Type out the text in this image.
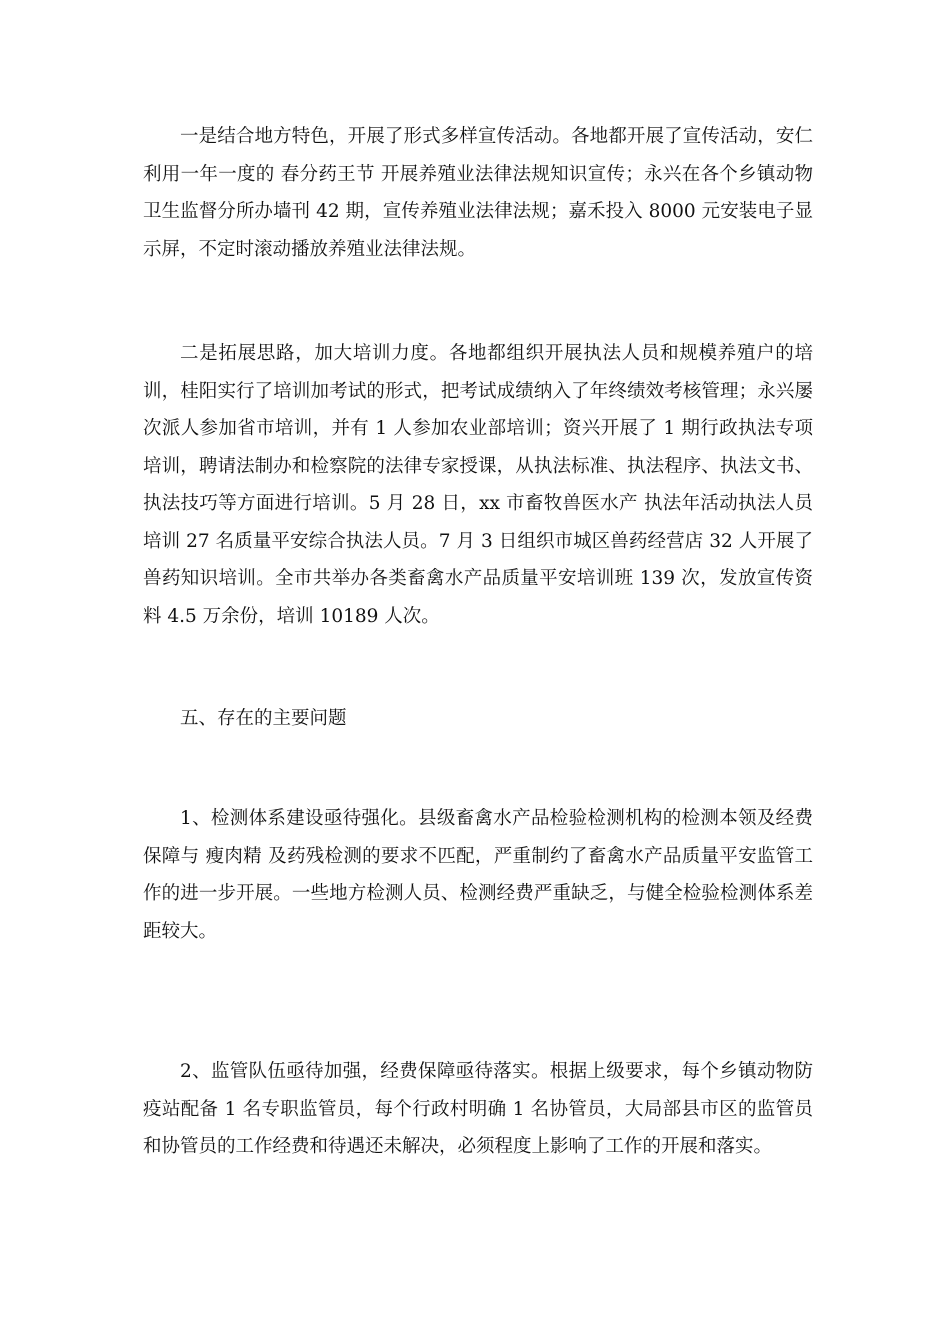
一是结合地方特色，开展了形式多样宣传活动。各地都开展了宣传活动，安仁利用一年一度的 春分药王节 开展养殖业法律法规知识宣传；永兴在各个乡镇动物卫生监督分所办墙刊 42 期，宣传养殖业法律法规；嘉禾投入 8000 元安装电子显示屏，不定时滚动播放养殖业法律法规。

二是拓展思路，加大培训力度。各地都组织开展执法人员和规模养殖户的培训，桂阳实行了培训加考试的形式，把考试成绩纳入了年终绩效考核管理；永兴屡次派人参加省市培训，并有 1 人参加农业部培训；资兴开展了 1 期行政执法专项培训，聘请法制办和检察院的法律专家授课，从执法标准、执法程序、执法文书、执法技巧等方面进行培训。5 月 28 日，xx 市畜牧兽医水产 执法年活动执法人员培训 27 名质量平安综合执法人员。7 月 3 日组织市城区兽药经营店 32 人开展了兽药知识培训。全市共举办各类畜禽水产品质量平安培训班 139 次，发放宣传资料 4.5 万余份，培训 10189 人次。

五、存在的主要问题

1、检测体系建设亟待强化。县级畜禽水产品检验检测机构的检测本领及经费保障与 瘦肉精 及药残检测的要求不匹配，严重制约了畜禽水产品质量平安监管工作的进一步开展。一些地方检测人员、检测经费严重缺乏，与健全检验检测体系差距较大。

2、监管队伍亟待加强，经费保障亟待落实。根据上级要求，每个乡镇动物防疫站配备 1 名专职监管员，每个行政村明确 1 名协管员，大局部县市区的监管员和协管员的工作经费和待遇还未解决，必须程度上影响了工作的开展和落实。
